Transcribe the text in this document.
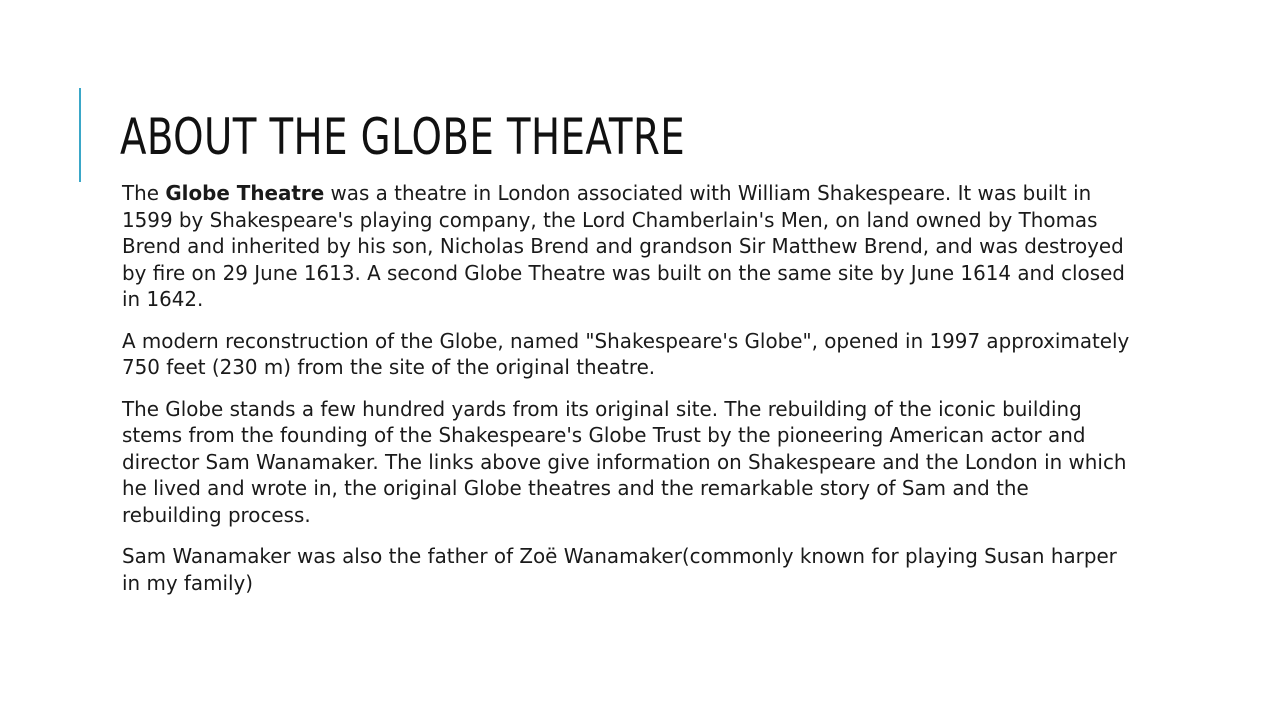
ABOUT THE GLOBE THEATRE

The Globe Theatre was a theatre in London associated with William Shakespeare. It was built in 1599 by Shakespeare's playing company, the Lord Chamberlain's Men, on land owned by Thomas Brend and inherited by his son, Nicholas Brend and grandson Sir Matthew Brend, and was destroyed by fire on 29 June 1613. A second Globe Theatre was built on the same site by June 1614 and closed in 1642.

A modern reconstruction of the Globe, named "Shakespeare's Globe", opened in 1997 approximately 750 feet (230 m) from the site of the original theatre.

The Globe stands a few hundred yards from its original site. The rebuilding of the iconic building stems from the founding of the Shakespeare's Globe Trust by the pioneering American actor and director Sam Wanamaker. The links above give information on Shakespeare and the London in which he lived and wrote in, the original Globe theatres and the remarkable story of Sam and the rebuilding process.

Sam Wanamaker was also the father of Zoë Wanamaker(commonly known for playing Susan harper in my family)
